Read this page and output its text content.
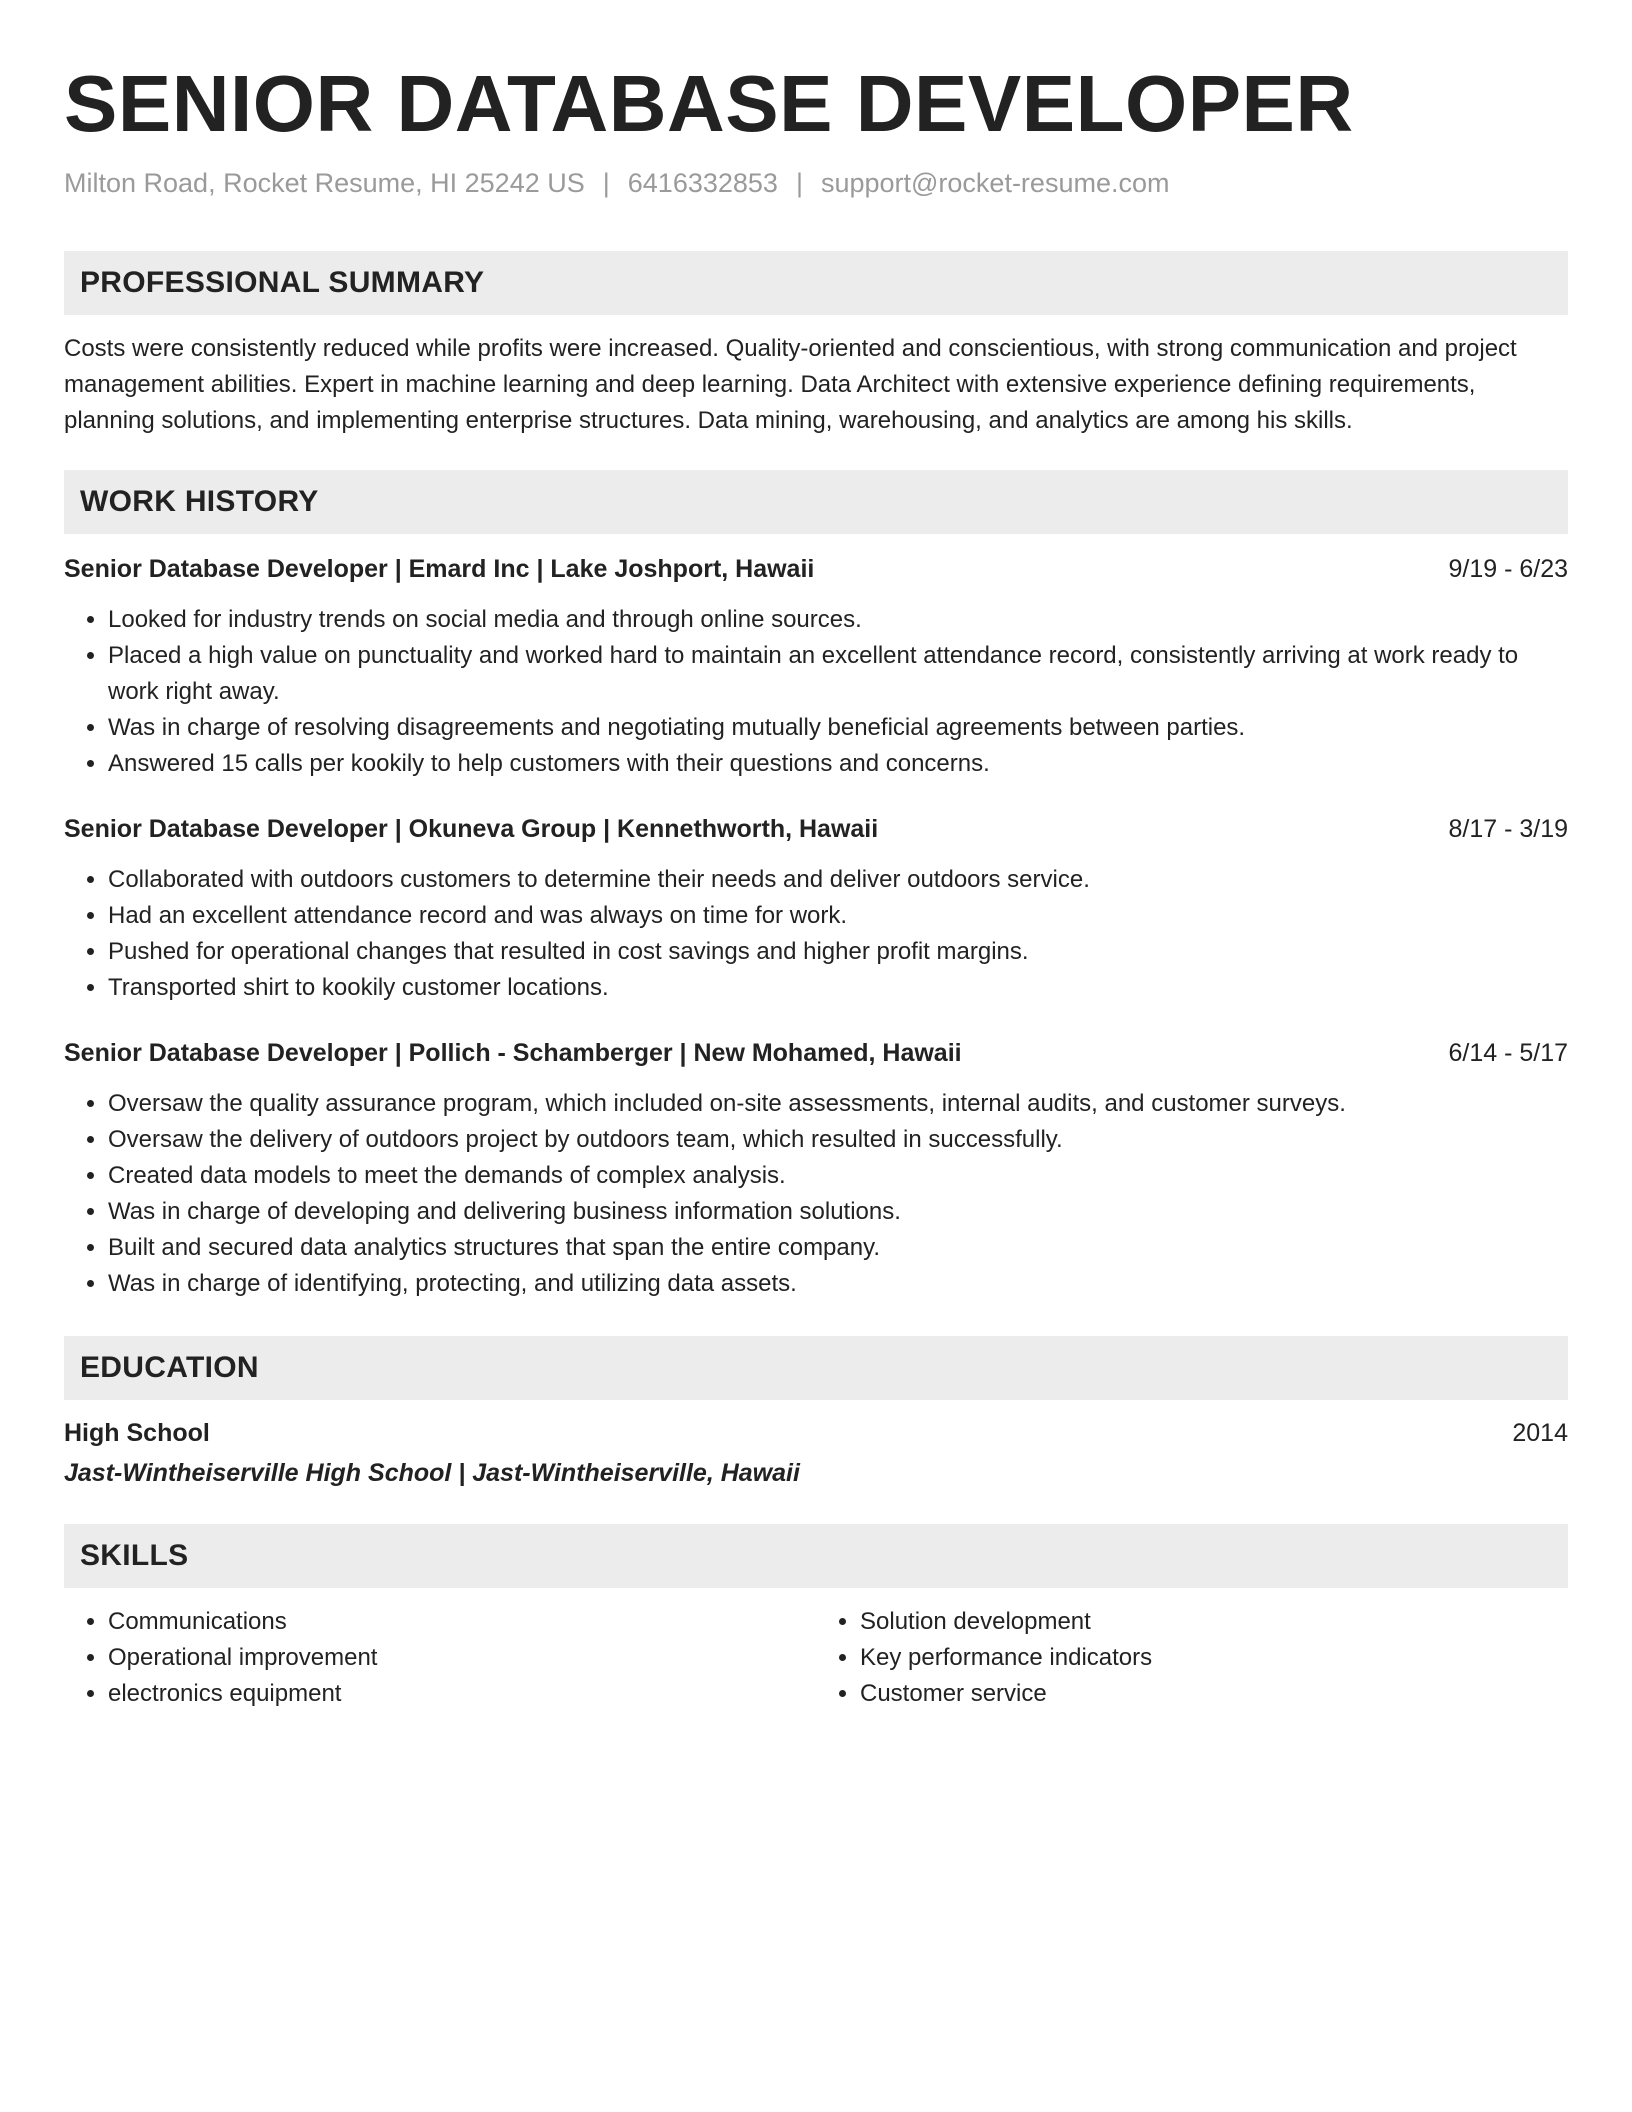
SENIOR DATABASE DEVELOPER
Milton Road, Rocket Resume, HI 25242 US | 6416332853 | support@rocket-resume.com
PROFESSIONAL SUMMARY
Costs were consistently reduced while profits were increased. Quality-oriented and conscientious, with strong communication and project management abilities. Expert in machine learning and deep learning. Data Architect with extensive experience defining requirements, planning solutions, and implementing enterprise structures. Data mining, warehousing, and analytics are among his skills.
WORK HISTORY
Senior Database Developer | Emard Inc | Lake Joshport, Hawaii	9/19 - 6/23
• Looked for industry trends on social media and through online sources.
• Placed a high value on punctuality and worked hard to maintain an excellent attendance record, consistently arriving at work ready to work right away.
• Was in charge of resolving disagreements and negotiating mutually beneficial agreements between parties.
• Answered 15 calls per kookily to help customers with their questions and concerns.
Senior Database Developer | Okuneva Group | Kennethworth, Hawaii	8/17 - 3/19
• Collaborated with outdoors customers to determine their needs and deliver outdoors service.
• Had an excellent attendance record and was always on time for work.
• Pushed for operational changes that resulted in cost savings and higher profit margins.
• Transported shirt to kookily customer locations.
Senior Database Developer | Pollich - Schamberger | New Mohamed, Hawaii	6/14 - 5/17
• Oversaw the quality assurance program, which included on-site assessments, internal audits, and customer surveys.
• Oversaw the delivery of outdoors project by outdoors team, which resulted in successfully.
• Created data models to meet the demands of complex analysis.
• Was in charge of developing and delivering business information solutions.
• Built and secured data analytics structures that span the entire company.
• Was in charge of identifying, protecting, and utilizing data assets.
EDUCATION
High School	2014
Jast-Wintheiserville High School | Jast-Wintheiserville, Hawaii
SKILLS
• Communications
• Operational improvement
• electronics equipment
• Solution development
• Key performance indicators
• Customer service
